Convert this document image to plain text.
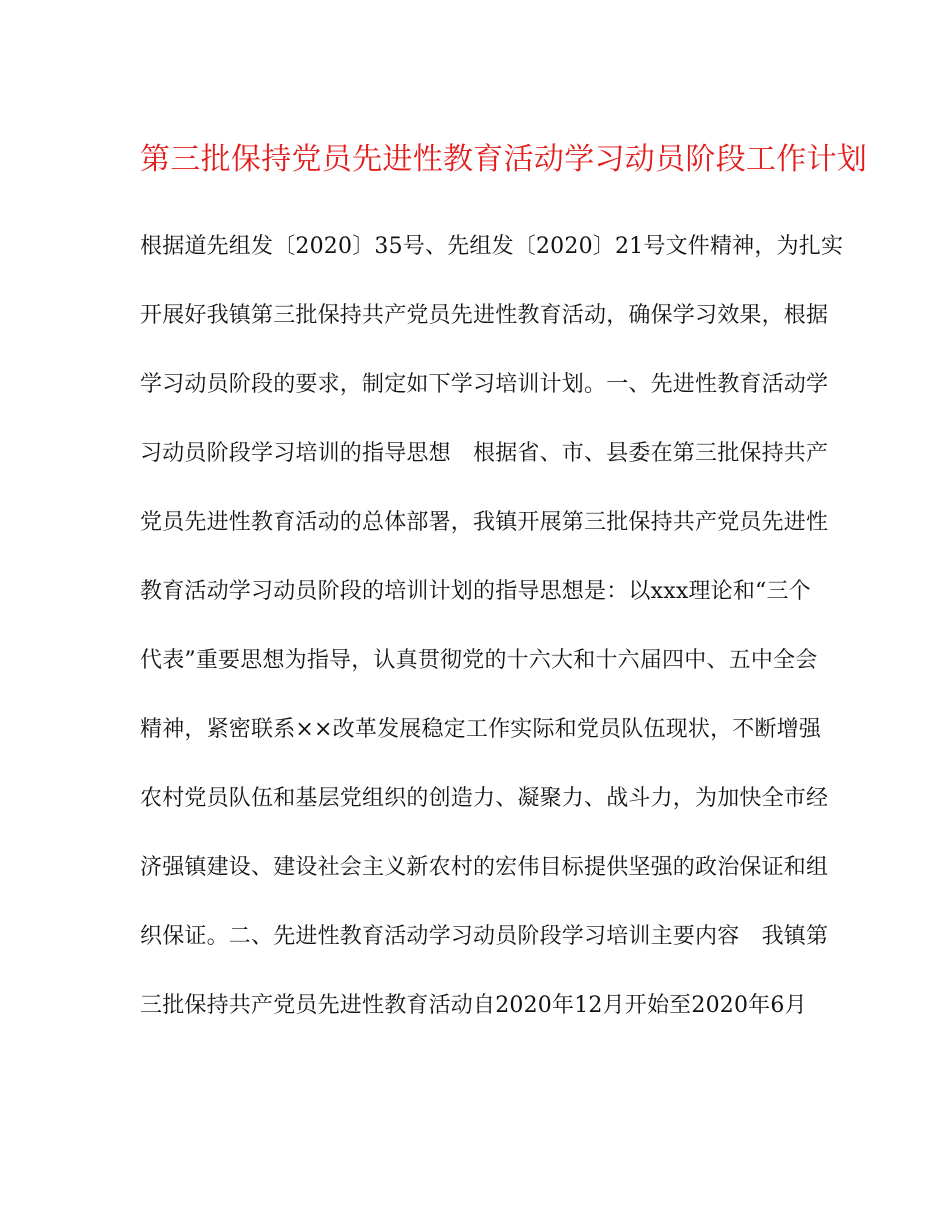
第三批保持党员先进性教育活动学习动员阶段工作计划
根据道先组发〔2020〕35号、先组发〔2020〕21号文件精神，为扎实
开展好我镇第三批保持共产党员先进性教育活动，确保学习效果，根据
学习动员阶段的要求，制定如下学习培训计划。一、先进性教育活动学
习动员阶段学习培训的指导思想　根据省、市、县委在第三批保持共产
党员先进性教育活动的总体部署，我镇开展第三批保持共产党员先进性
教育活动学习动员阶段的培训计划的指导思想是：以xxx理论和“三个
代表”重要思想为指导，认真贯彻党的十六大和十六届四中、五中全会
精神，紧密联系××改革发展稳定工作实际和党员队伍现状，不断增强
农村党员队伍和基层党组织的创造力、凝聚力、战斗力，为加快全市经
济强镇建设、建设社会主义新农村的宏伟目标提供坚强的政治保证和组
织保证。二、先进性教育活动学习动员阶段学习培训主要内容　我镇第
三批保持共产党员先进性教育活动自2020年12月开始至2020年6月
